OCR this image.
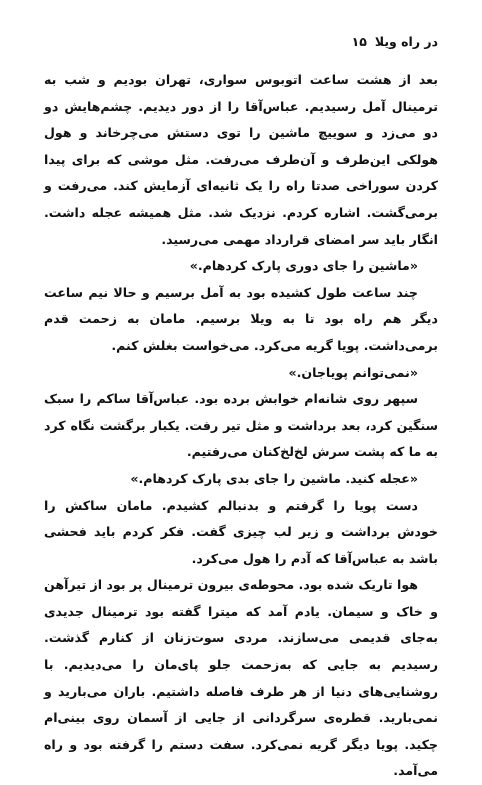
در راه ویلا
۱۵

بعد از هشت ساعت اتوبوس سواری، تهران بودیم و شب به ترمینال آمل رسیدیم. عباس‌آقا را از دور دیدیم. چشم‌هایش دو دو می‌زد و سوییچ ماشین را توی دستش می‌چرخاند و هول هولکی این‌طرف و آن‌طرف می‌رفت. مثل موشی که برای پیدا کردن سوراخی صدتا راه را یک ثانیه‌ای آزمایش کند. می‌رفت و برمی‌گشت. اشاره کردم. نزدیک شد. مثل همیشه عجله داشت. انگار باید سر امضای قرارداد مهمی می‌رسید.

«ماشین را جای دوری پارک کردهام.»

چند ساعت طول کشیده بود به آمل برسیم و حالا نیم ساعت دیگر هم راه بود تا به ویلا برسیم. مامان به زحمت قدم برمی‌داشت. پویا گریه می‌کرد. می‌خواست بغلش کنم.

«نمی‌توانم پویاجان.»

سپهر روی شانه‌ام خوابش برده بود. عباس‌آقا ساکم را سبک سنگین کرد، بعد برداشت و مثل تیر رفت. یکبار برگشت نگاه کرد به ما که پشت سرش لخ‌لخ‌کنان می‌رفتیم.

«عجله کنید. ماشین را جای بدی پارک کردهام.»

دست پویا را گرفتم و بدنبالم کشیدم. مامان ساکش را خودش برداشت و زیر لب چیزی گفت. فکر کردم باید فحشی باشد به عباس‌آقا که آدم را هول می‌کرد.

هوا تاریک شده بود. محوطه‌ی بیرون ترمینال پر بود از تیرآهن و خاک و سیمان. یادم آمد که میترا گفته بود ترمینال جدیدی به‌جای قدیمی می‌سازند. مردی سوت‌زنان از کنارم گذشت. رسیدیم به جایی که به‌زحمت جلو پای‌مان را می‌دیدیم. با روشنایی‌های دنیا از هر طرف فاصله داشتیم. باران می‌بارید و نمی‌بارید. قطره‌ی سرگردانی از جایی از آسمان روی بینی‌ام چکید. پویا دیگر گریه نمی‌کرد. سفت دستم را گرفته بود و راه می‌آمد.
